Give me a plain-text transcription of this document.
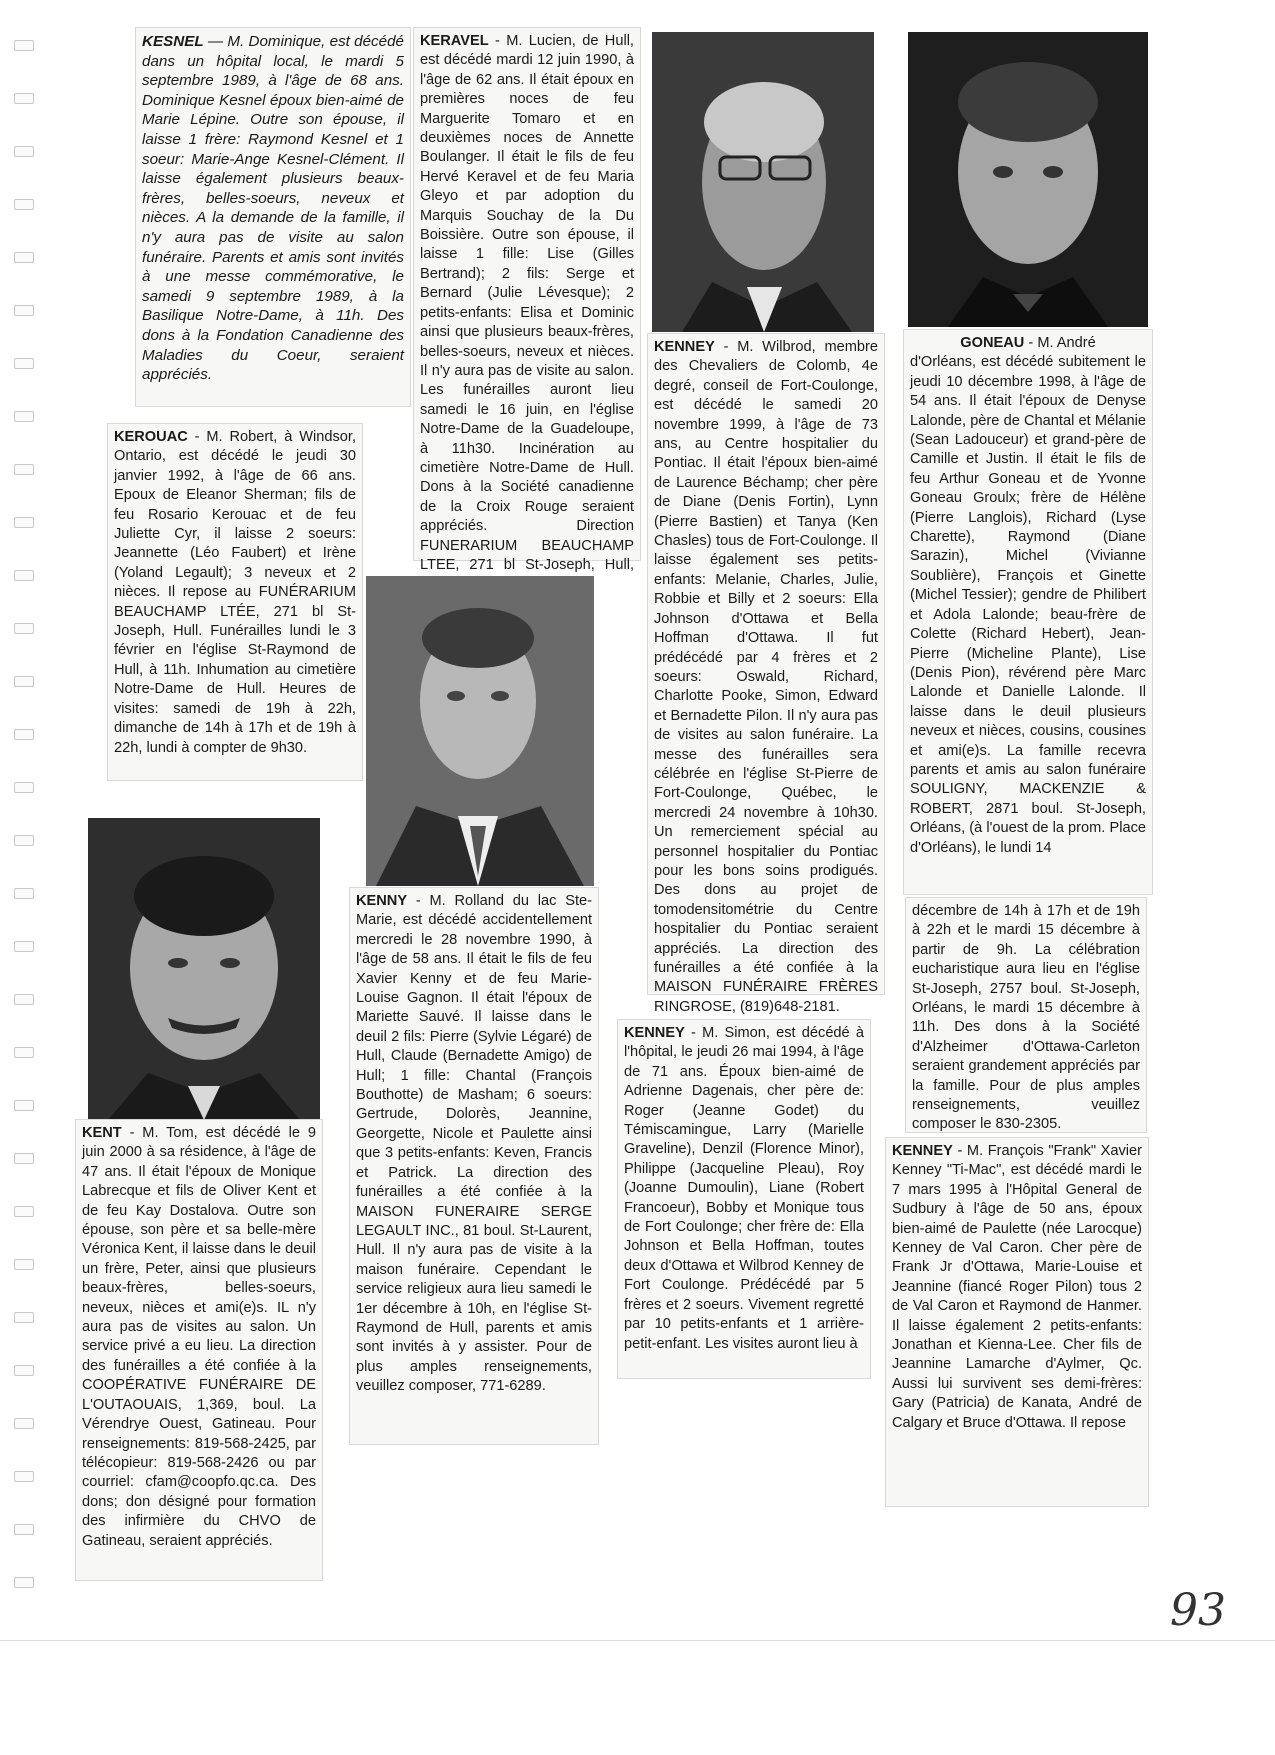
KESNEL — M. Dominique, est décédé dans un hôpital local, le mardi 5 septembre 1989, à l'âge de 68 ans. Dominique Kesnel époux bien-aimé de Marie Lépine. Outre son épouse, il laisse 1 frère: Raymond Kesnel et 1 soeur: Marie-Ange Kesnel-Clément. Il laisse également plusieurs beaux-frères, belles-soeurs, neveux et nièces. A la demande de la famille, il n'y aura pas de visite au salon funéraire. Parents et amis sont invités à une messe commémorative, le samedi 9 septembre 1989, à la Basilique Notre-Dame, à 11h. Des dons à la Fondation Canadienne des Maladies du Coeur, seraient appréciés.
KERAVEL - M. Lucien, de Hull, est décédé mardi 12 juin 1990, à l'âge de 62 ans. Il était époux en premières noces de feu Marguerite Tomaro et en deuxièmes noces de Annette Boulanger. Il était le fils de feu Hervé Keravel et de feu Maria Gleyo et par adoption du Marquis Souchay de la Du Boissière. Outre son épouse, il laisse 1 fille: Lise (Gilles Bertrand); 2 fils: Serge et Bernard (Julie Lévesque); 2 petits-enfants: Elisa et Dominic ainsi que plusieurs beaux-frères, belles-soeurs, neveux et nièces. Il n'y aura pas de visite au salon. Les funérailles auront lieu samedi le 16 juin, en l'église Notre-Dame de la Guadeloupe, à 11h30. Incinération au cimetière Notre-Dame de Hull. Dons à la Société canadienne de la Croix Rouge seraient appréciés. Direction FUNERARIUM BEAUCHAMP LTEE, 271 bl St-Joseph, Hull,
KENNEY - M. Wilbrod, membre des Chevaliers de Colomb, 4e degré, conseil de Fort-Coulonge, est décédé le samedi 20 novembre 1999, à l'âge de 73 ans, au Centre hospitalier du Pontiac. Il était l'époux bien-aimé de Laurence Béchamp; cher père de Diane (Denis Fortin), Lynn (Pierre Bastien) et Tanya (Ken Chasles) tous de Fort-Coulonge. Il laisse également ses petits-enfants: Melanie, Charles, Julie, Robbie et Billy et 2 soeurs: Ella Johnson d'Ottawa et Bella Hoffman d'Ottawa. Il fut prédécédé par 4 frères et 2 soeurs: Oswald, Richard, Charlotte Pooke, Simon, Edward et Bernadette Pilon. Il n'y aura pas de visites au salon funéraire. La messe des funérailles sera célébrée en l'église St-Pierre de Fort-Coulonge, Québec, le mercredi 24 novembre à 10h30. Un remerciement spécial au personnel hospitalier du Pontiac pour les bons soins prodigués. Des dons au projet de tomodensitométrie du Centre hospitalier du Pontiac seraient appréciés. La direction des funérailles a été confiée à la MAISON FUNÉRAIRE FRÈRES RINGROSE, (819)648-2181.
GONEAU - M. André
d'Orléans, est décédé subitement le jeudi 10 décembre 1998, à l'âge de 54 ans. Il était l'époux de Denyse Lalonde, père de Chantal et Mélanie (Sean Ladouceur) et grand-père de Camille et Justin. Il était le fils de feu Arthur Goneau et de Yvonne Goneau Groulx; frère de Hélène (Pierre Langlois), Richard (Lyse Charette), Raymond (Diane Sarazin), Michel (Vivianne Soublière), François et Ginette (Michel Tessier); gendre de Philibert et Adola Lalonde; beau-frère de Colette (Richard Hebert), Jean-Pierre (Micheline Plante), Lise (Denis Pion), révérend père Marc Lalonde et Danielle Lalonde. Il laisse dans le deuil plusieurs neveux et nièces, cousins, cousines et ami(e)s. La famille recevra parents et amis au salon funéraire SOULIGNY, MACKENZIE & ROBERT, 2871 boul. St-Joseph, Orléans, (à l'ouest de la prom. Place d'Orléans), le lundi 14
décembre de 14h à 17h et de 19h à 22h et le mardi 15 décembre à partir de 9h. La célébration eucharistique aura lieu en l'église St-Joseph, 2757 boul. St-Joseph, Orléans, le mardi 15 décembre à 11h. Des dons à la Société d'Alzheimer d'Ottawa-Carleton seraient grandement appréciés par la famille. Pour de plus amples renseignements, veuillez composer le 830-2305.
KEROUAC - M. Robert, à Windsor, Ontario, est décédé le jeudi 30 janvier 1992, à l'âge de 66 ans. Epoux de Eleanor Sherman; fils de feu Rosario Kerouac et de feu Juliette Cyr, il laisse 2 soeurs: Jeannette (Léo Faubert) et Irène (Yoland Legault); 3 neveux et 2 nièces. Il repose au FUNÉRARIUM BEAUCHAMP LTÉE, 271 bl St-Joseph, Hull. Funérailles lundi le 3 février en l'église St-Raymond de Hull, à 11h. Inhumation au cimetière Notre-Dame de Hull. Heures de visites: samedi de 19h à 22h, dimanche de 14h à 17h et de 19h à 22h, lundi à compter de 9h30.
KENNY - M. Rolland du lac Ste-Marie, est décédé accidentellement mercredi le 28 novembre 1990, à l'âge de 58 ans. Il était le fils de feu Xavier Kenny et de feu Marie-Louise Gagnon. Il était l'époux de Mariette Sauvé. Il laisse dans le deuil 2 fils: Pierre (Sylvie Légaré) de Hull, Claude (Bernadette Amigo) de Hull; 1 fille: Chantal (François Bouthotte) de Masham; 6 soeurs: Gertrude, Dolorès, Jeannine, Georgette, Nicole et Paulette ainsi que 3 petits-enfants: Keven, Francis et Patrick. La direction des funérailles a été confiée à la MAISON FUNERAIRE SERGE LEGAULT INC., 81 boul. St-Laurent, Hull. Il n'y aura pas de visite à la maison funéraire. Cependant le service religieux aura lieu samedi le 1er décembre à 10h, en l'église St-Raymond de Hull, parents et amis sont invités à y assister. Pour de plus amples renseignements, veuillez composer, 771-6289.
KENT - M. Tom, est décédé le 9 juin 2000 à sa résidence, à l'âge de 47 ans. Il était l'époux de Monique Labrecque et fils de Oliver Kent et de feu Kay Dostalova. Outre son épouse, son père et sa belle-mère Véronica Kent, il laisse dans le deuil un frère, Peter, ainsi que plusieurs beaux-frères, belles-soeurs, neveux, nièces et ami(e)s. IL n'y aura pas de visites au salon. Un service privé a eu lieu. La direction des funérailles a été confiée à la COOPÉRATIVE FUNÉRAIRE DE L'OUTAOUAIS, 1,369, boul. La Vérendrye Ouest, Gatineau. Pour renseignements: 819-568-2425, par télécopieur: 819-568-2426 ou par courriel: cfam@coopfo.qc.ca. Des dons; don désigné pour formation des infirmière du CHVO de Gatineau, seraient appréciés.
KENNEY - M. Simon, est décédé à l'hôpital, le jeudi 26 mai 1994, à l'âge de 71 ans. Époux bien-aimé de Adrienne Dagenais, cher père de: Roger (Jeanne Godet) du Témiscamingue, Larry (Marielle Graveline), Denzil (Florence Minor), Philippe (Jacqueline Pleau), Roy (Joanne Dumoulin), Liane (Robert Francoeur), Bobby et Monique tous de Fort Coulonge; cher frère de: Ella Johnson et Bella Hoffman, toutes deux d'Ottawa et Wilbrod Kenney de Fort Coulonge. Prédécédé par 5 frères et 2 soeurs. Vivement regretté par 10 petits-enfants et 1 arrière-petit-enfant. Les visites auront lieu à
KENNEY - M. François "Frank" Xavier Kenney "Ti-Mac", est décédé mardi le 7 mars 1995 à l'Hôpital General de Sudbury à l'âge de 50 ans, époux bien-aimé de Paulette (née Larocque) Kenney de Val Caron. Cher père de Frank Jr d'Ottawa, Marie-Louise et Jeannine (fiancé Roger Pilon) tous 2 de Val Caron et Raymond de Hanmer. Il laisse également 2 petits-enfants: Jonathan et Kienna-Lee. Cher fils de Jeannine Lamarche d'Aylmer, Qc. Aussi lui survivent ses demi-frères: Gary (Patricia) de Kanata, André de Calgary et Bruce d'Ottawa. Il repose
93
